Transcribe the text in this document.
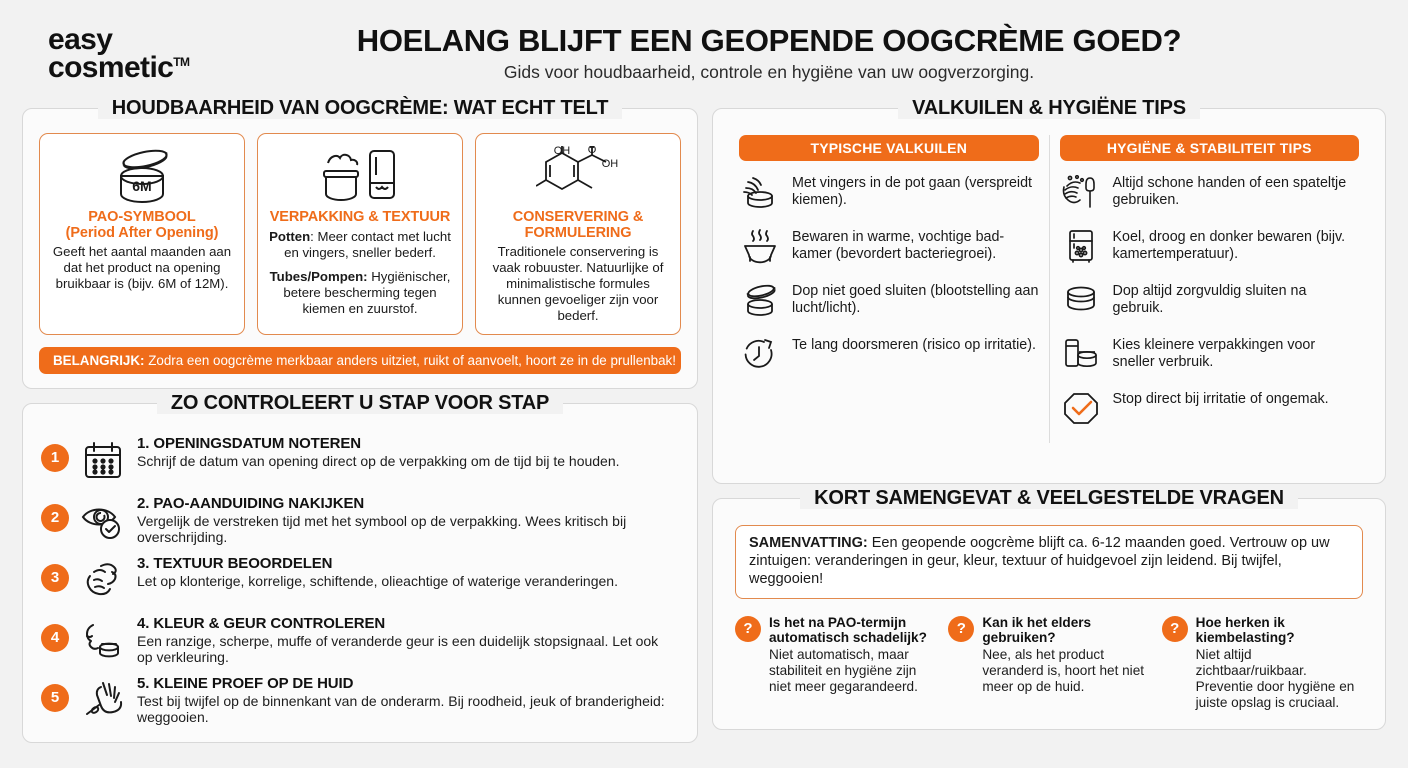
easy
cosmetic™
HOELANG BLIJFT EEN GEOPENDE OOGCRÈME GOED?
Gids voor houdbaarheid, controle en hygiëne van uw oogverzorging.
HOUDBAARHEID VAN OOGCRÈME: WAT ECHT TELT
6M
PAO-SYMBOOL
(Period After Opening)

Geeft het aantal maanden aan dat het product na opening bruikbaar is (bijv. 6M of 12M).

VERPAKKING & TEXTUUR

Potten: Meer contact met lucht en vingers, sneller bederf.

Tubes/Pompen: Hygiënischer, betere bescherming tegen kiemen en zuurstof.

OH O
OH
CONSERVERING &
FORMULERING

Traditionele conservering is vaak robuuster. Natuurlijke of minimalistische formules kunnen gevoeliger zijn voor bederf.

BELANGRIJK: Zodra een oogcrème merkbaar anders uitziet, ruikt of aanvoelt, hoort ze in de prullenbak!
ZO CONTROLEERT U STAP VOOR STAP
1
1. OPENINGSDATUM NOTEREN
Schrijf de datum van opening direct op de verpakking om de tijd bij te houden.
2
2. PAO-AANDUIDING NAKIJKEN
Vergelijk de verstreken tijd met het symbool op de verpakking. Wees kritisch bij overschrijding.
3
3. TEXTUUR BEOORDELEN
Let op klonterige, korrelige, schiftende, olieachtige of waterige veranderingen.
4
4. KLEUR & GEUR CONTROLEREN
Een ranzige, scherpe, muffe of veranderde geur is een duidelijk stopsignaal. Let ook op verkleuring.
5
5. KLEINE PROEF OP DE HUID
Test bij twijfel op de binnenkant van de onderarm. Bij roodheid, jeuk of branderigheid: weggooien.
VALKUILEN & HYGIËNE TIPS
TYPISCHE VALKUILEN
Met vingers in de pot gaan (verspreidt kiemen).
Bewaren in warme, vochtige bad-kamer (bevordert bacteriegroei).
Dop niet goed sluiten (blootstelling aan lucht/licht).
Te lang doorsmeren (risico op irritatie).
HYGIËNE & STABILITEIT TIPS
Altijd schone handen of een spateltje gebruiken.
Koel, droog en donker bewaren (bijv. kamertemperatuur).
Dop altijd zorgvuldig sluiten na gebruik.
Kies kleinere verpakkingen voor sneller verbruik.
Stop direct bij irritatie of ongemak.
KORT SAMENGEVAT & VEELGESTELDE VRAGEN
SAMENVATTING: Een geopende oogcrème blijft ca. 6-12 maanden goed. Vertrouw op uw zintuigen: veranderingen in geur, kleur, textuur of huidgevoel zijn leidend. Bij twijfel, weggooien!
?	Is het na PAO-termijn automatisch schadelijk?
Niet automatisch, maar stabiliteit en hygiëne zijn niet meer gegarandeerd.
?	Kan ik het elders gebruiken?
Nee, als het product veranderd is, hoort het niet meer op de huid.
?	Hoe herken ik kiembelasting?
Niet altijd zichtbaar/ruikbaar. Preventie door hygiëne en juiste opslag is cruciaal.
